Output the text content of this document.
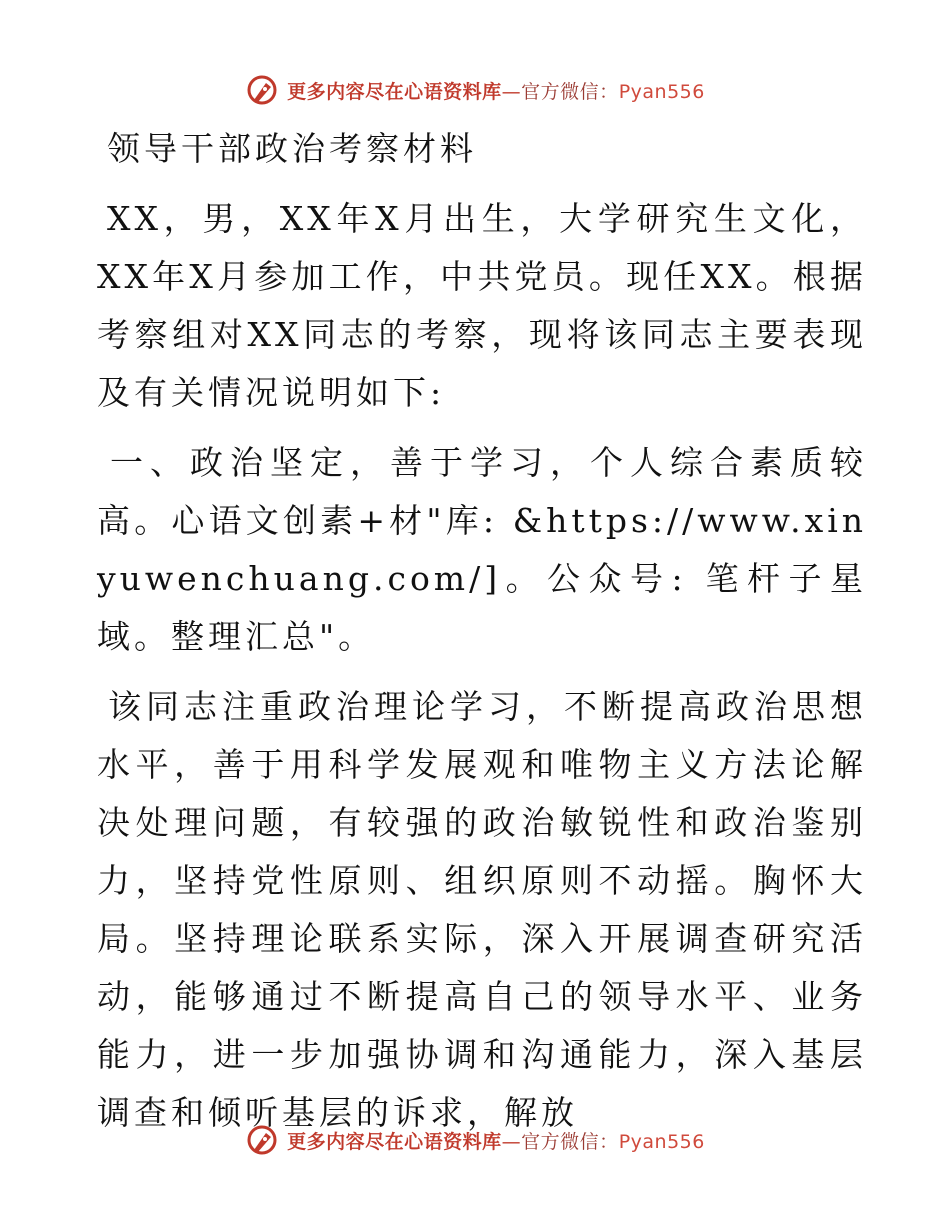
更多内容尽在心语资料库—官方微信：Pyan556
领导干部政治考察材料

XX，男，XX年X月出生，大学研究生文化，XX年X月参加工作，中共党员。现任XX。根据考察组对XX同志的考察，现将该同志主要表现及有关情况说明如下:

一、政治坚定，善于学习，个人综合素质较高。心语文创素+材"库: &https://www.xinyuwenchuang.com/]。公众号: 笔杆子星域。整理汇总"。

该同志注重政治理论学习，不断提高政治思想水平，善于用科学发展观和唯物主义方法论解决处理问题，有较强的政治敏锐性和政治鉴别力，坚持党性原则、组织原则不动摇。胸怀大局。坚持理论联系实际，深入开展调查研究活动，能够通过不断提高自己的领导水平、业务能力，进一步加强协调和沟通能力，深入基层调查和倾听基层的诉求，解放

更多内容尽在心语资料库—官方微信：Pyan556
